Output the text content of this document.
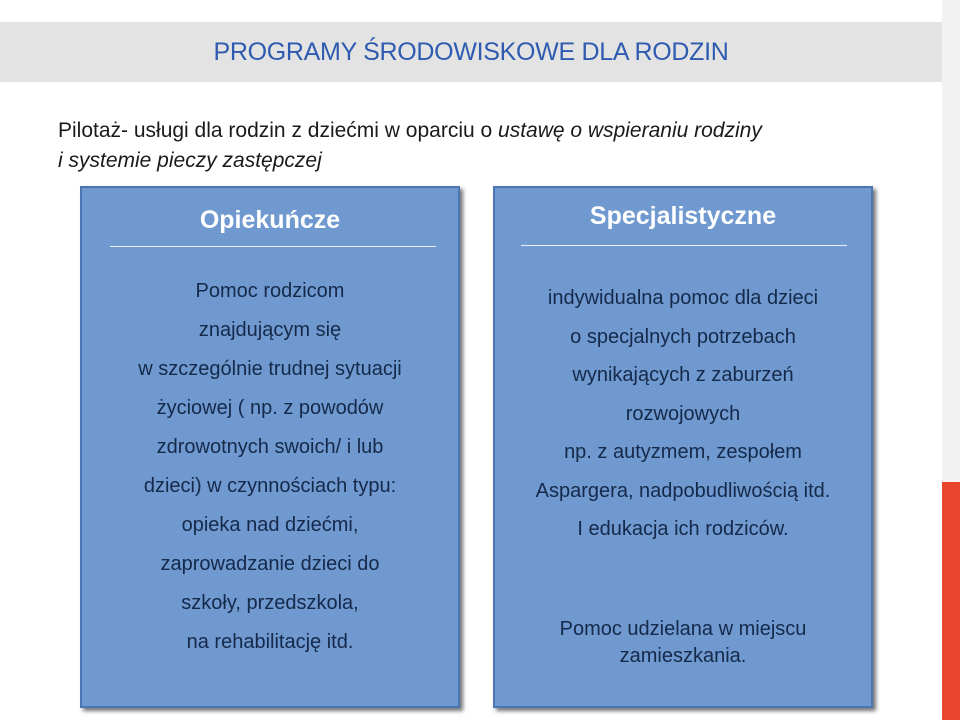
PROGRAMY ŚRODOWISKOWE DLA RODZIN
Pilotaż- usługi dla rodzin z dziećmi w oparciu o ustawę o wspieraniu rodziny
i systemie pieczy zastępczej
Opiekuńcze
Pomoc rodzicom
znajdującym się
w szczególnie trudnej sytuacji
życiowej ( np. z powodów
zdrowotnych swoich/ i lub
dzieci) w czynnościach typu:
opieka nad dziećmi,
zaprowadzanie dzieci do
szkoły, przedszkola,
na rehabilitację itd.
Specjalistyczne
indywidualna pomoc dla dzieci
o specjalnych potrzebach
wynikających z zaburzeń
rozwojowych
np. z autyzmem, zespołem
Aspargera, nadpobudliwością itd.
I edukacja ich rodziców.
Pomoc udzielana w miejscu
zamieszkania.
